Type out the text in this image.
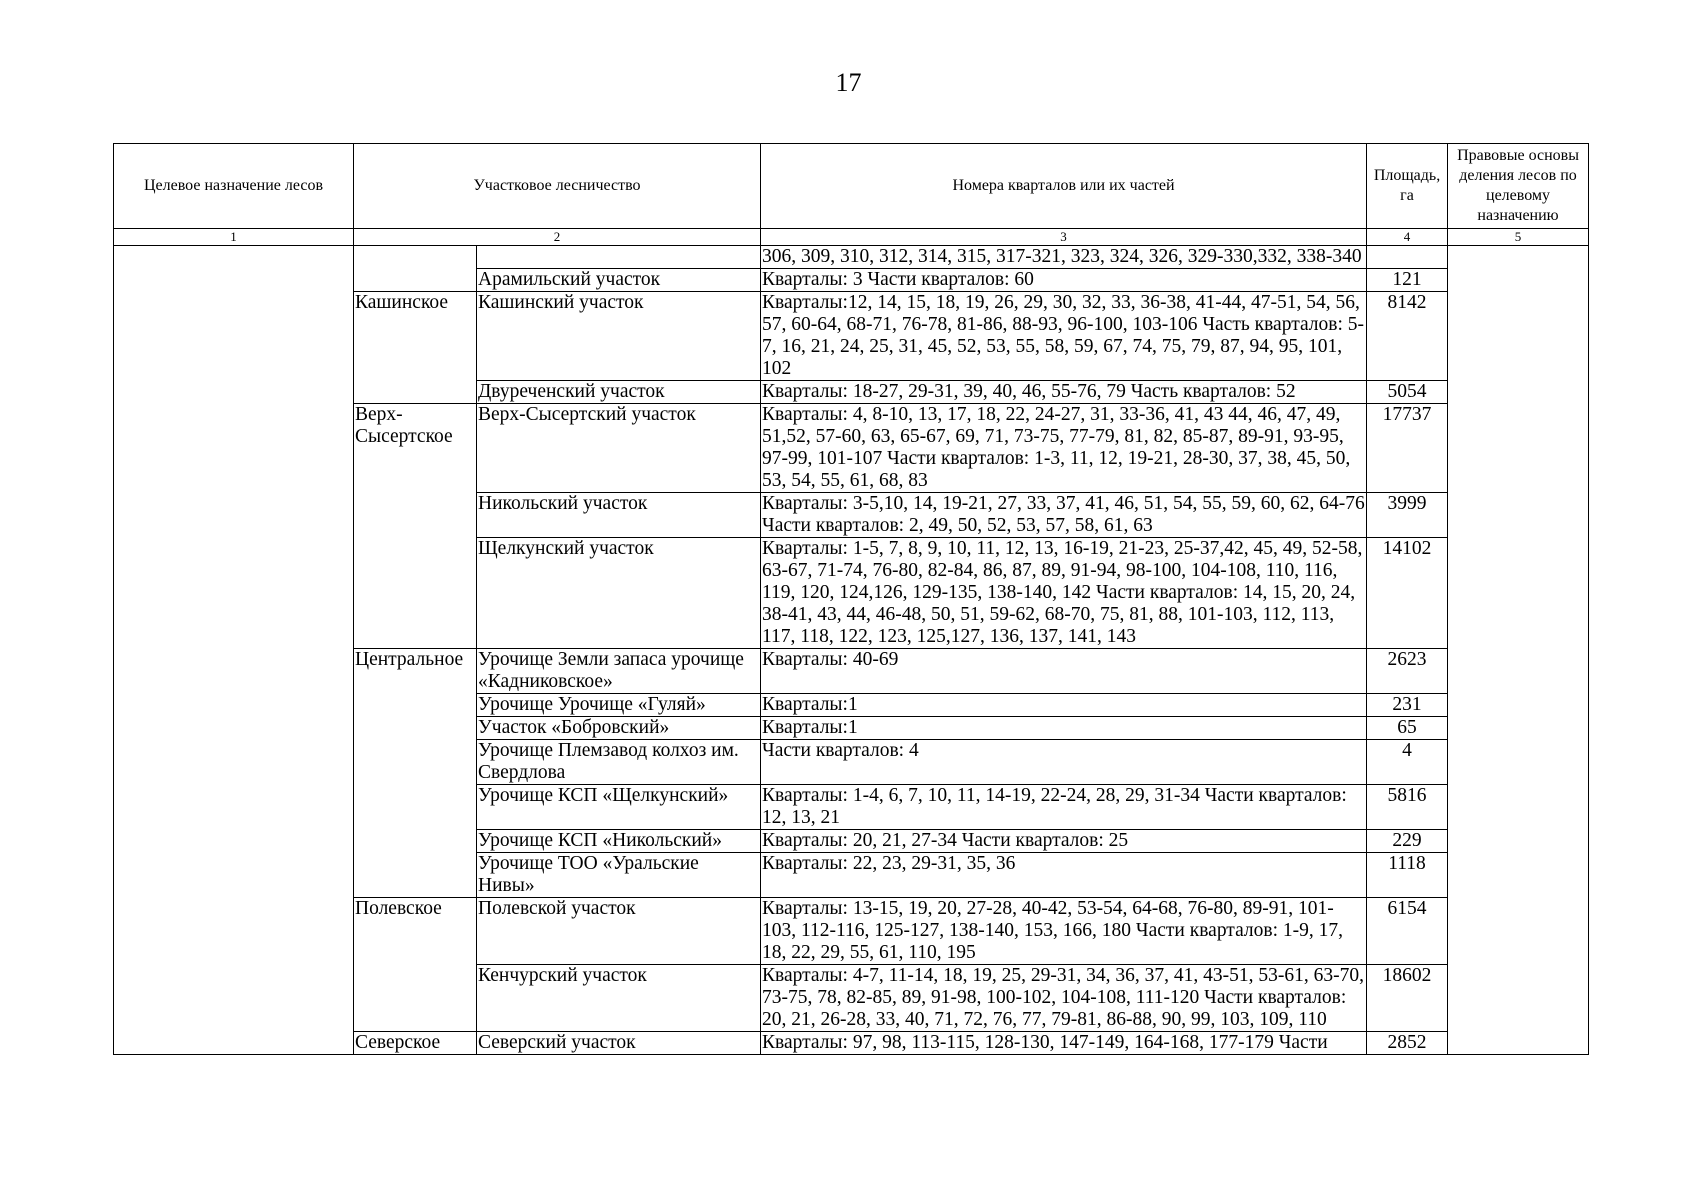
17
Целевое назначение лесов	Участковое лесничество		Номера кварталов или их частей	Площадь, га	Правовые основы деления лесов по целевому назначению
1	2		3	4	5
			306, 309, 310, 312, 314, 315, 317-321, 323, 324, 326, 329-330,332, 338-340		
		Арамильский участок	Кварталы: 3 Части кварталов: 60	121	
	Кашинское	Кашинский участок	Кварталы:12, 14, 15, 18, 19, 26, 29, 30, 32, 33, 36-38, 41-44, 47-51, 54, 56, 57, 60-64, 68-71, 76-78, 81-86, 88-93, 96-100, 103-106 Часть кварталов: 5-7, 16, 21, 24, 25, 31, 45, 52, 53, 55, 58, 59, 67, 74, 75, 79, 87, 94, 95, 101, 102	8142	
		Двуреченский участок	Кварталы: 18-27, 29-31, 39, 40, 46, 55-76, 79 Часть кварталов: 52	5054	
	Верх-Сысертское	Верх-Сысертский участок	Кварталы: 4, 8-10, 13, 17, 18, 22, 24-27, 31, 33-36, 41, 43 44, 46, 47, 49, 51,52, 57-60, 63, 65-67, 69, 71, 73-75, 77-79, 81, 82, 85-87, 89-91, 93-95, 97-99, 101-107 Части кварталов: 1-3, 11, 12, 19-21, 28-30, 37, 38, 45, 50, 53, 54, 55, 61, 68, 83	17737	
		Никольский участок	Кварталы: 3-5,10, 14, 19-21, 27, 33, 37, 41, 46, 51, 54, 55, 59, 60, 62, 64-76 Части кварталов: 2, 49, 50, 52, 53, 57, 58, 61, 63	3999	
		Щелкунский участок	Кварталы: 1-5, 7, 8, 9, 10, 11, 12, 13, 16-19, 21-23, 25-37,42, 45, 49, 52-58, 63-67, 71-74, 76-80, 82-84, 86, 87, 89, 91-94, 98-100, 104-108, 110, 116, 119, 120, 124,126, 129-135, 138-140, 142 Части кварталов: 14, 15, 20, 24, 38-41, 43, 44, 46-48, 50, 51, 59-62, 68-70, 75, 81, 88, 101-103, 112, 113, 117, 118, 122, 123, 125,127, 136, 137, 141, 143	14102	
	Центральное	Урочище Земли запаса урочище «Кадниковское»	Кварталы: 40-69	2623	
		Урочище Урочище «Гуляй»	Кварталы:1	231	
		Участок «Бобровский»	Кварталы:1	65	
		Урочище Племзавод колхоз им. Свердлова	Части кварталов: 4	4	
		Урочище КСП «Щелкунский»	Кварталы: 1-4, 6, 7, 10, 11, 14-19, 22-24, 28, 29, 31-34 Части кварталов: 12, 13, 21	5816	
		Урочище КСП «Никольский»	Кварталы: 20, 21, 27-34 Части кварталов: 25	229	
		Урочище ТОО «Уральские Нивы»	Кварталы: 22, 23, 29-31, 35, 36	1118	
	Полевское	Полевской участок	Кварталы: 13-15, 19, 20, 27-28, 40-42, 53-54, 64-68, 76-80, 89-91, 101-103, 112-116, 125-127, 138-140, 153, 166, 180 Части кварталов: 1-9, 17, 18, 22, 29, 55, 61, 110, 195	6154	
		Кенчурский участок	Кварталы: 4-7, 11-14, 18, 19, 25, 29-31, 34, 36, 37, 41, 43-51, 53-61, 63-70, 73-75, 78, 82-85, 89, 91-98, 100-102, 104-108, 111-120 Части кварталов: 20, 21, 26-28, 33, 40, 71, 72, 76, 77, 79-81, 86-88, 90, 99, 103, 109, 110	18602	
	Северское	Северский участок	Кварталы: 97, 98, 113-115, 128-130, 147-149, 164-168, 177-179 Части	2852	
